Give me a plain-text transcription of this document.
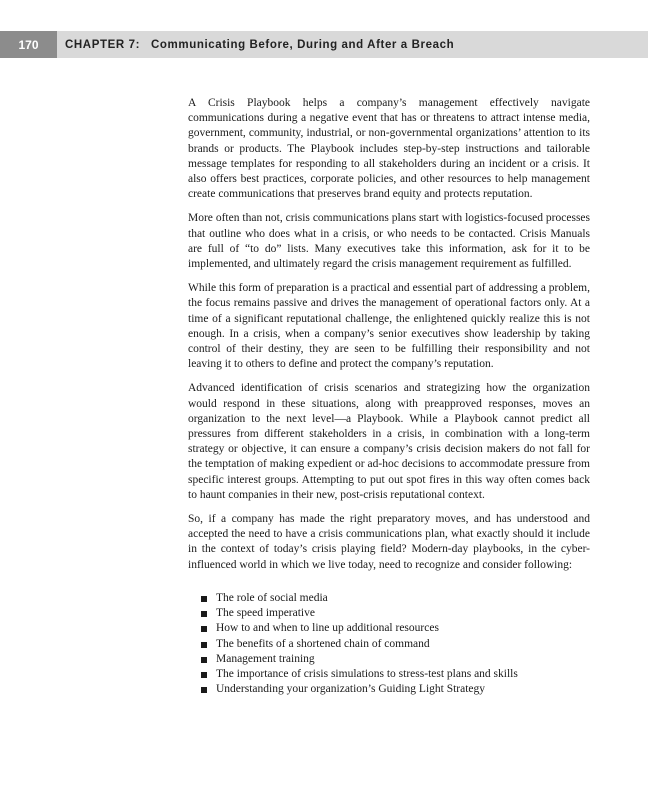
170	CHAPTER 7: Communicating Before, During and After a Breach

A Crisis Playbook helps a company’s management effectively navigate communications during a negative event that has or threatens to attract intense media, government, community, industrial, or non-governmental organizations’ attention to its brands or products. The Playbook includes step-by-step instructions and tailorable message templates for responding to all stakeholders during an incident or a crisis. It also offers best practices, corporate policies, and other resources to help management create communications that preserves brand equity and protects reputation.

More often than not, crisis communications plans start with logistics-focused processes that outline who does what in a crisis, or who needs to be contacted. Crisis Manuals are full of “to do” lists. Many executives take this information, ask for it to be implemented, and ultimately regard the crisis management requirement as fulfilled.

While this form of preparation is a practical and essential part of addressing a problem, the focus remains passive and drives the management of operational factors only. At a time of a significant reputational challenge, the enlightened quickly realize this is not enough. In a crisis, when a company’s senior executives show leadership by taking control of their destiny, they are seen to be fulfilling their responsibility and not leaving it to others to define and protect the company’s reputation.

Advanced identification of crisis scenarios and strategizing how the organization would respond in these situations, along with preapproved responses, moves an organization to the next level—a Playbook. While a Playbook cannot predict all pressures from different stakeholders in a crisis, in combination with a long-term strategy or objective, it can ensure a company’s crisis decision makers do not fall for the temptation of making expedient or ad-hoc decisions to accommodate pressure from specific interest groups. Attempting to put out spot fires in this way often comes back to haunt companies in their new, post-crisis reputational context.

So, if a company has made the right preparatory moves, and has understood and accepted the need to have a crisis communications plan, what exactly should it include in the context of today’s crisis playing field? Modern-day playbooks, in the cyber-influenced world in which we live today, need to recognize and consider following:

The role of social media
The speed imperative
How to and when to line up additional resources
The benefits of a shortened chain of command
Management training
The importance of crisis simulations to stress-test plans and skills
Understanding your organization’s Guiding Light Strategy
